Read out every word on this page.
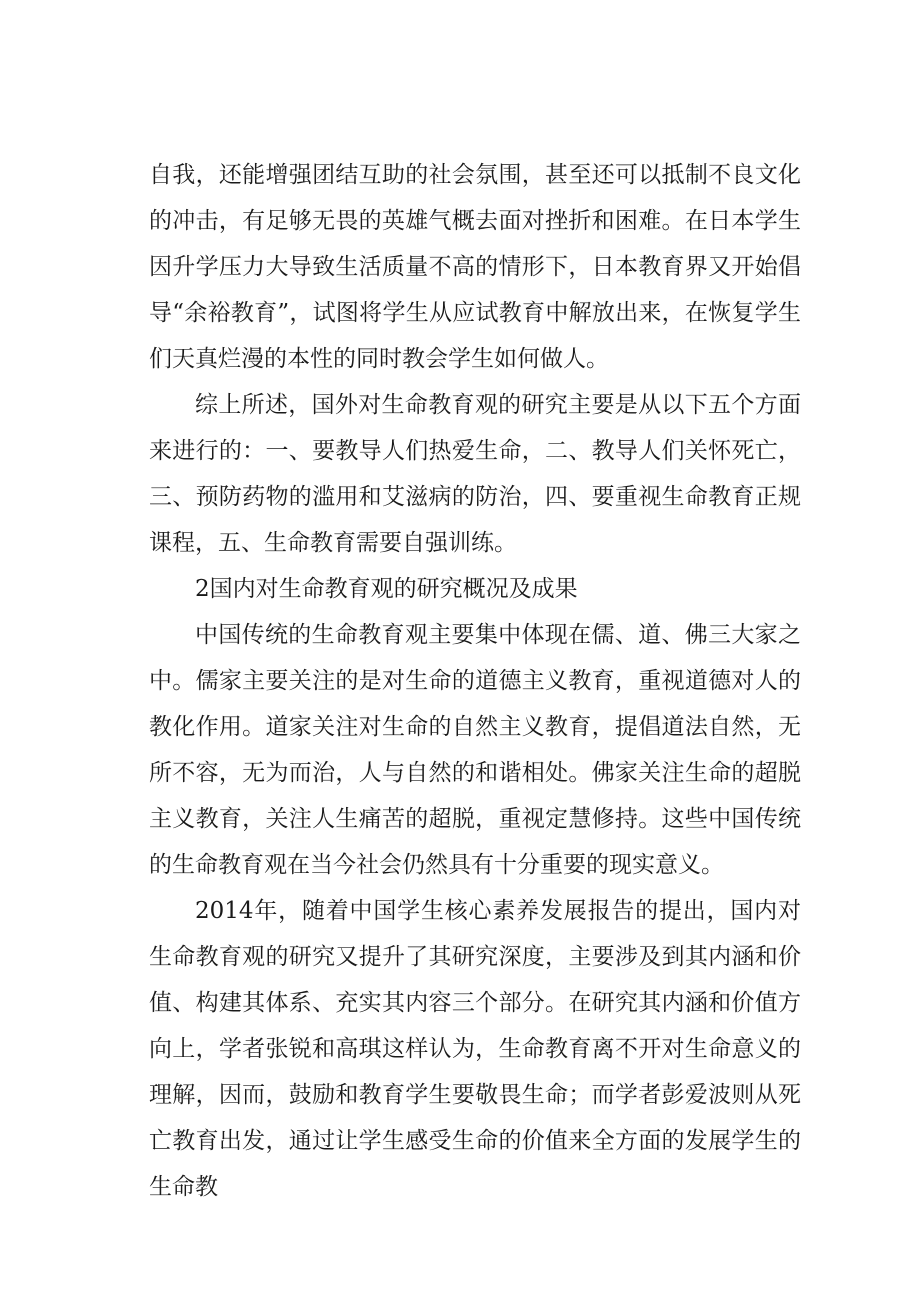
自我，还能增强团结互助的社会氛围，甚至还可以抵制不良文化的冲击，有足够无畏的英雄气概去面对挫折和困难。在日本学生因升学压力大导致生活质量不高的情形下，日本教育界又开始倡导“余裕教育”，试图将学生从应试教育中解放出来，在恢复学生们天真烂漫的本性的同时教会学生如何做人。

综上所述，国外对生命教育观的研究主要是从以下五个方面来进行的：一、要教导人们热爱生命，二、教导人们关怀死亡，三、预防药物的滥用和艾滋病的防治，四、要重视生命教育正规课程，五、生命教育需要自强训练。

2国内对生命教育观的研究概况及成果

中国传统的生命教育观主要集中体现在儒、道、佛三大家之中。儒家主要关注的是对生命的道德主义教育，重视道德对人的教化作用。道家关注对生命的自然主义教育，提倡道法自然，无所不容，无为而治，人与自然的和谐相处。佛家关注生命的超脱主义教育，关注人生痛苦的超脱，重视定慧修持。这些中国传统的生命教育观在当今社会仍然具有十分重要的现实意义。

2014年，随着中国学生核心素养发展报告的提出，国内对生命教育观的研究又提升了其研究深度，主要涉及到其内涵和价值、构建其体系、充实其内容三个部分。在研究其内涵和价值方向上，学者张锐和高琪这样认为，生命教育离不开对生命意义的理解，因而，鼓励和教育学生要敬畏生命；而学者彭爱波则从死亡教育出发，通过让学生感受生命的价值来全方面的发展学生的生命教
